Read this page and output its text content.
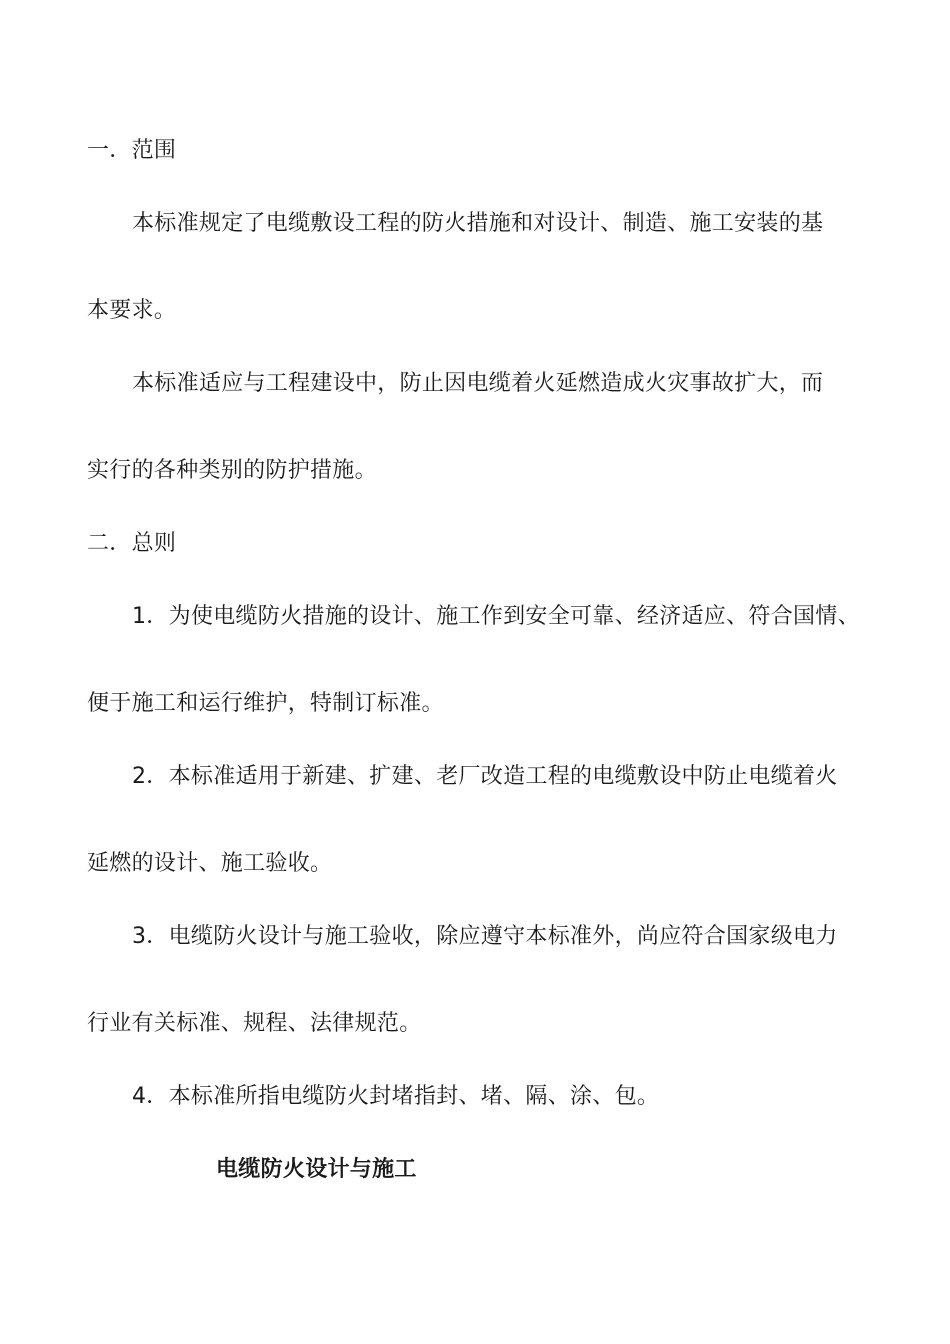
一．范围
本标准规定了电缆敷设工程的防火措施和对设计、制造、施工安装的基
本要求。
本标准适应与工程建设中，防止因电缆着火延燃造成火灾事故扩大，而
实行的各种类别的防护措施。
二．总则
1．为使电缆防火措施的设计、施工作到安全可靠、经济适应、符合国情、
便于施工和运行维护，特制订标准。
2．本标准适用于新建、扩建、老厂改造工程的电缆敷设中防止电缆着火
延燃的设计、施工验收。
3．电缆防火设计与施工验收，除应遵守本标准外，尚应符合国家级电力
行业有关标准、规程、法律规范。
4．本标准所指电缆防火封堵指封、堵、隔、涂、包。
电缆防火设计与施工
